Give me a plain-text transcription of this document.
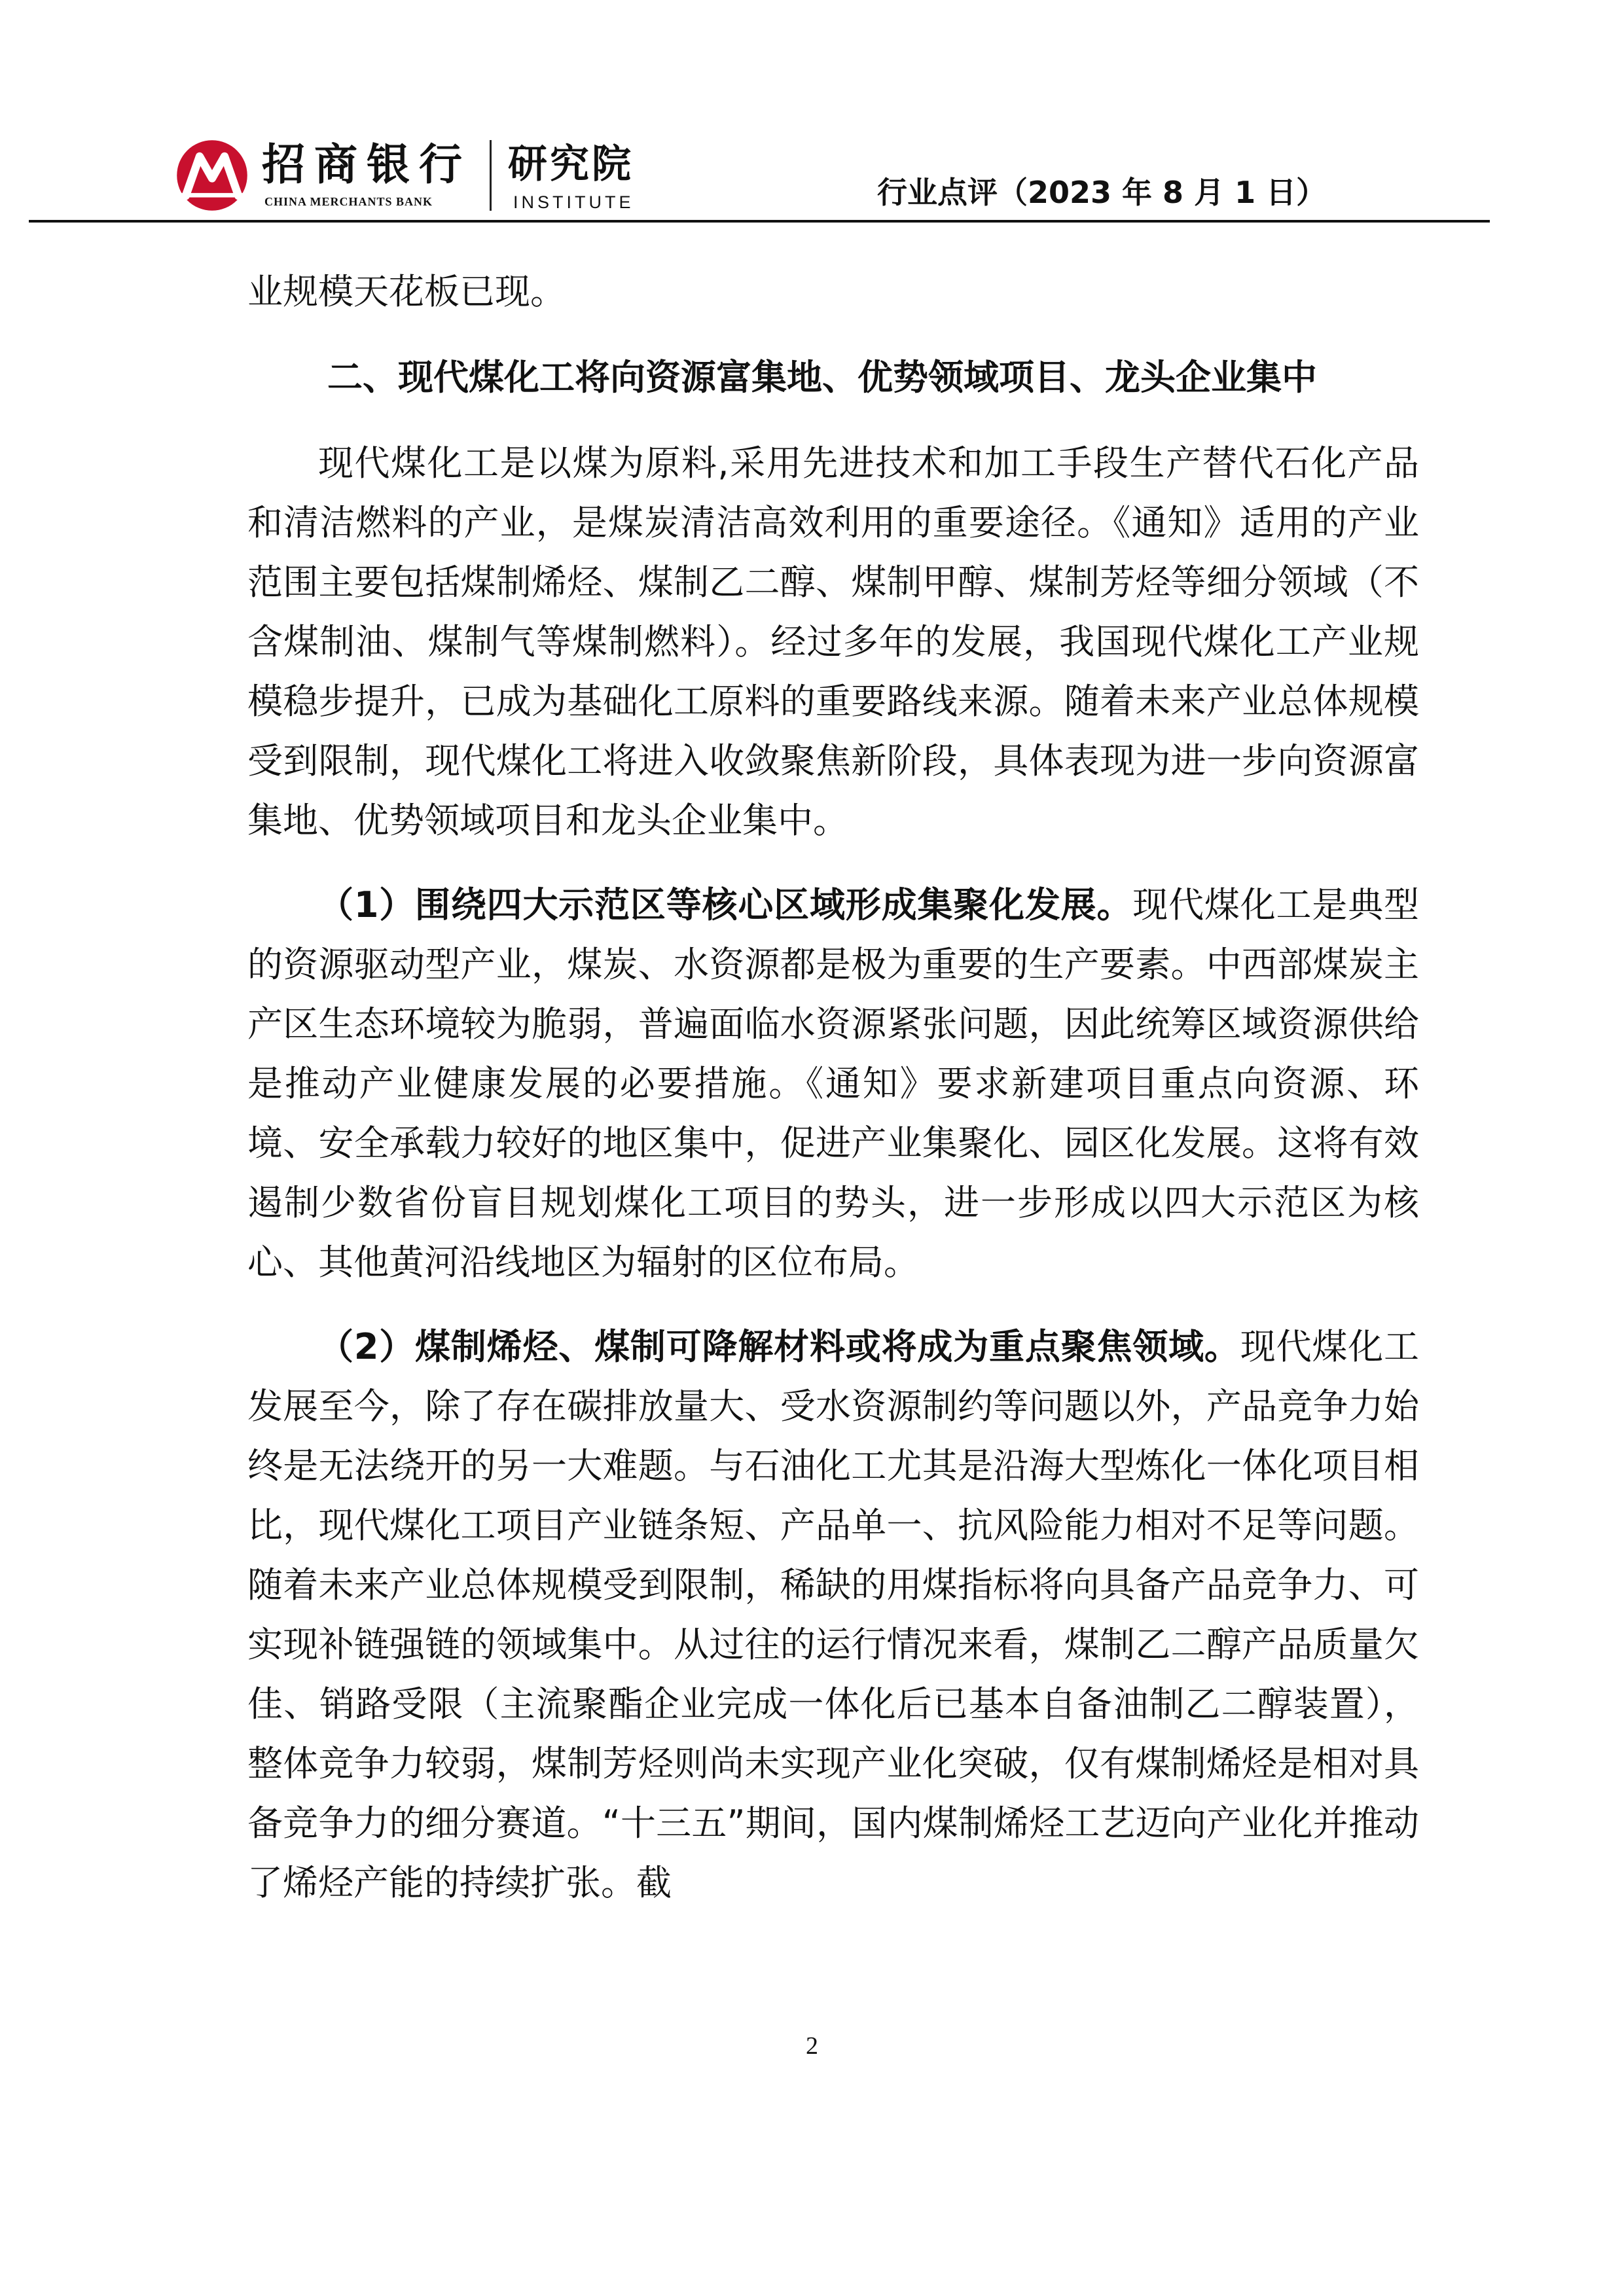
招商银行
CHINA MERCHANTS BANK
研究院
INSTITUTE	行业点评（2023 年 8 月 1 日）

业规模天花板已现。

二、现代煤化工将向资源富集地、优势领域项目、龙头企业集中

现代煤化工是以煤为原料,采用先进技术和加工手段生产替代石化产品和清洁燃料的产业，是煤炭清洁高效利用的重要途径。《通知》适用的产业范围主要包括煤制烯烃、煤制乙二醇、煤制甲醇、煤制芳烃等细分领域（不含煤制油、煤制气等煤制燃料）。经过多年的发展，我国现代煤化工产业规模稳步提升，已成为基础化工原料的重要路线来源。随着未来产业总体规模受到限制，现代煤化工将进入收敛聚焦新阶段，具体表现为进一步向资源富集地、优势领域项目和龙头企业集中。

（1）围绕四大示范区等核心区域形成集聚化发展。现代煤化工是典型的资源驱动型产业，煤炭、水资源都是极为重要的生产要素。中西部煤炭主产区生态环境较为脆弱，普遍面临水资源紧张问题，因此统筹区域资源供给是推动产业健康发展的必要措施。《通知》要求新建项目重点向资源、环境、安全承载力较好的地区集中，促进产业集聚化、园区化发展。这将有效遏制少数省份盲目规划煤化工项目的势头，进一步形成以四大示范区为核心、其他黄河沿线地区为辐射的区位布局。

（2）煤制烯烃、煤制可降解材料或将成为重点聚焦领域。现代煤化工发展至今，除了存在碳排放量大、受水资源制约等问题以外，产品竞争力始终是无法绕开的另一大难题。与石油化工尤其是沿海大型炼化一体化项目相比，现代煤化工项目产业链条短、产品单一、抗风险能力相对不足等问题。随着未来产业总体规模受到限制，稀缺的用煤指标将向具备产品竞争力、可实现补链强链的领域集中。从过往的运行情况来看，煤制乙二醇产品质量欠佳、销路受限（主流聚酯企业完成一体化后已基本自备油制乙二醇装置），整体竞争力较弱，煤制芳烃则尚未实现产业化突破，仅有煤制烯烃是相对具备竞争力的细分赛道。“十三五”期间，国内煤制烯烃工艺迈向产业化并推动了烯烃产能的持续扩张。截

2
